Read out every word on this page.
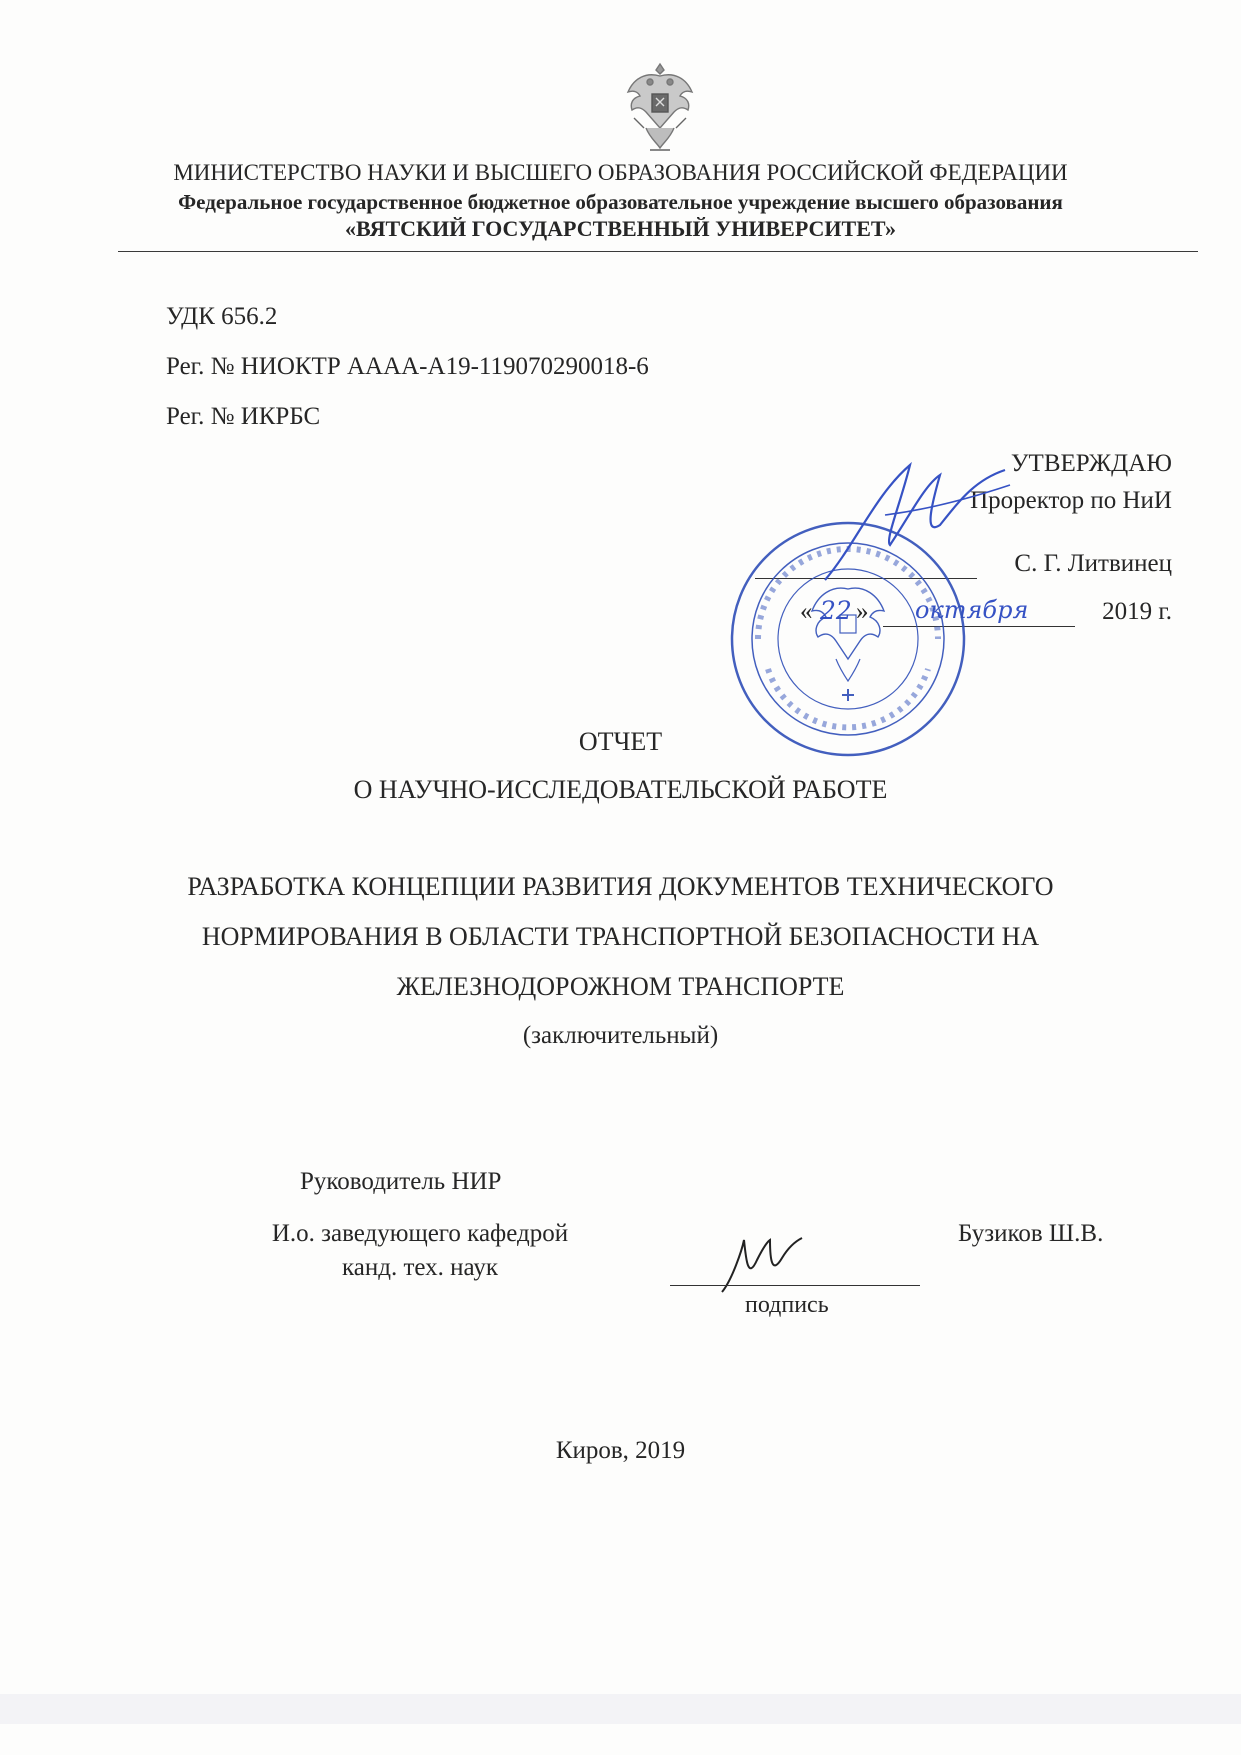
МИНИСТЕРСТВО НАУКИ И ВЫСШЕГО ОБРАЗОВАНИЯ РОССИЙСКОЙ ФЕДЕРАЦИИ
Федеральное государственное бюджетное образовательное учреждение высшего образования
«ВЯТСКИЙ ГОСУДАРСТВЕННЫЙ УНИВЕРСИТЕТ»
УДК 656.2
Рег. № НИОКТР АААА-А19-119070290018-6
Рег. № ИКРБС
УТВЕРЖДАЮ
Проректор по НиИ
С. Г. Литвинец
« 22 » октября	2019 г.
ОТЧЕТ
О НАУЧНО-ИССЛЕДОВАТЕЛЬСКОЙ РАБОТЕ
РАЗРАБОТКА КОНЦЕПЦИИ РАЗВИТИЯ ДОКУМЕНТОВ ТЕХНИЧЕСКОГО
НОРМИРОВАНИЯ В ОБЛАСТИ ТРАНСПОРТНОЙ БЕЗОПАСНОСТИ НА
ЖЕЛЕЗНОДОРОЖНОМ ТРАНСПОРТЕ
(заключительный)
Руководитель НИР
И.о. заведующего кафедрой
канд. тех. наук
Бузиков Ш.В.
подпись
Киров, 2019
